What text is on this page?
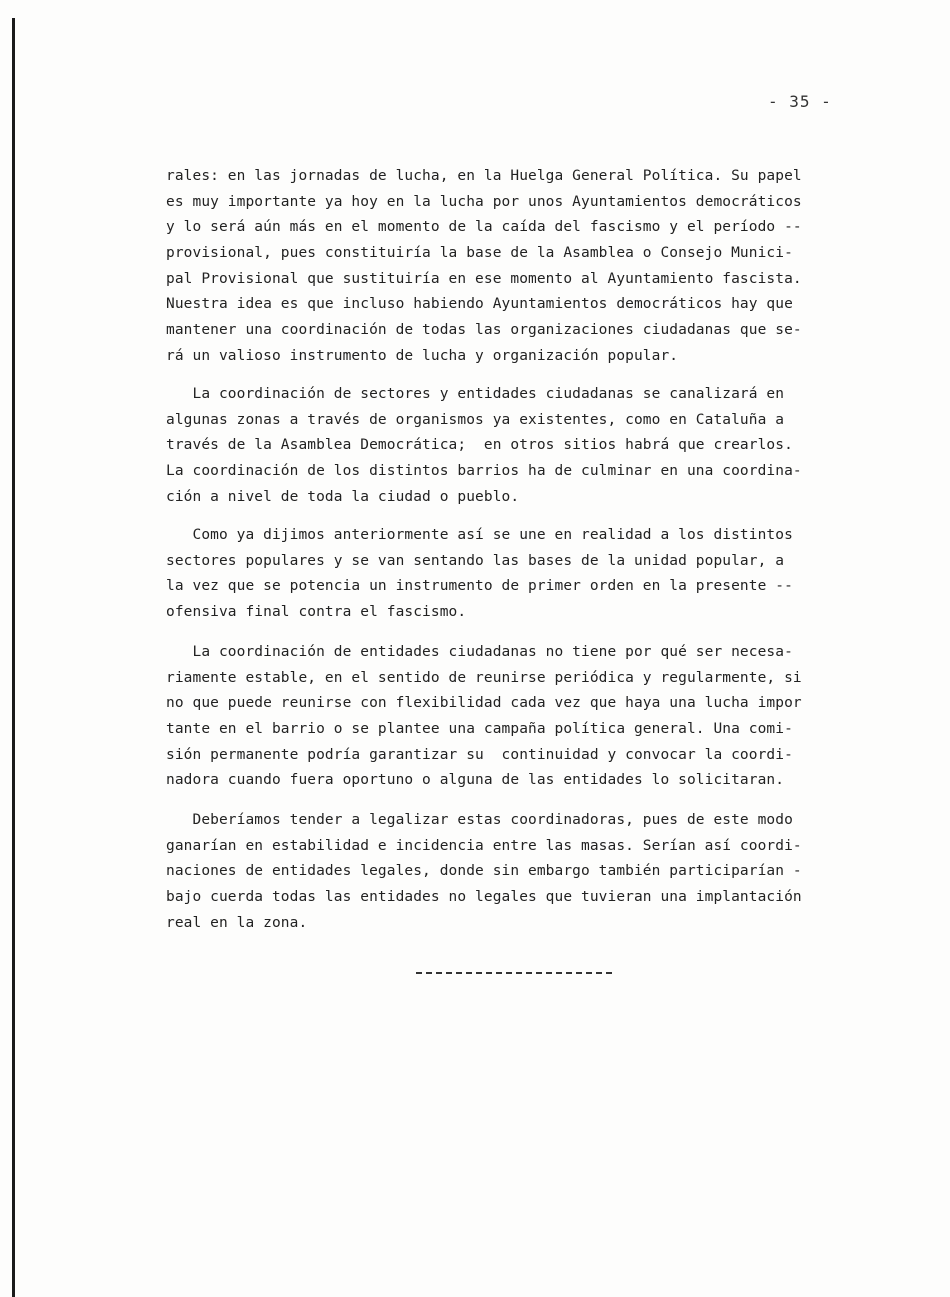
- 35 -
rales: en las jornadas de lucha, en la Huelga General Política. Su papel
es muy importante ya hoy en la lucha por unos Ayuntamientos democráticos
y lo será aún más en el momento de la caída del fascismo y el período --
provisional, pues constituiría la base de la Asamblea o Consejo Munici-
pal Provisional que sustituiría en ese momento al Ayuntamiento fascista.
Nuestra idea es que incluso habiendo Ayuntamientos democráticos hay que
mantener una coordinación de todas las organizaciones ciudadanas que se-
rá un valioso instrumento de lucha y organización popular.
La coordinación de sectores y entidades ciudadanas se canalizará en
algunas zonas a través de organismos ya existentes, como en Cataluña a
través de la Asamblea Democrática;  en otros sitios habrá que crearlos.
La coordinación de los distintos barrios ha de culminar en una coordina-
ción a nivel de toda la ciudad o pueblo.
Como ya dijimos anteriormente así se une en realidad a los distintos
sectores populares y se van sentando las bases de la unidad popular, a
la vez que se potencia un instrumento de primer orden en la presente --
ofensiva final contra el fascismo.
La coordinación de entidades ciudadanas no tiene por qué ser necesa-
riamente estable, en el sentido de reunirse periódica y regularmente, si
no que puede reunirse con flexibilidad cada vez que haya una lucha impor
tante en el barrio o se plantee una campaña política general. Una comi-
sión permanente podría garantizar su  continuidad y convocar la coordi-
nadora cuando fuera oportuno o alguna de las entidades lo solicitaran.
Deberíamos tender a legalizar estas coordinadoras, pues de este modo
ganarían en estabilidad e incidencia entre las masas. Serían así coordi-
naciones de entidades legales, donde sin embargo también participarían -
bajo cuerda todas las entidades no legales que tuvieran una implantación
real en la zona.
